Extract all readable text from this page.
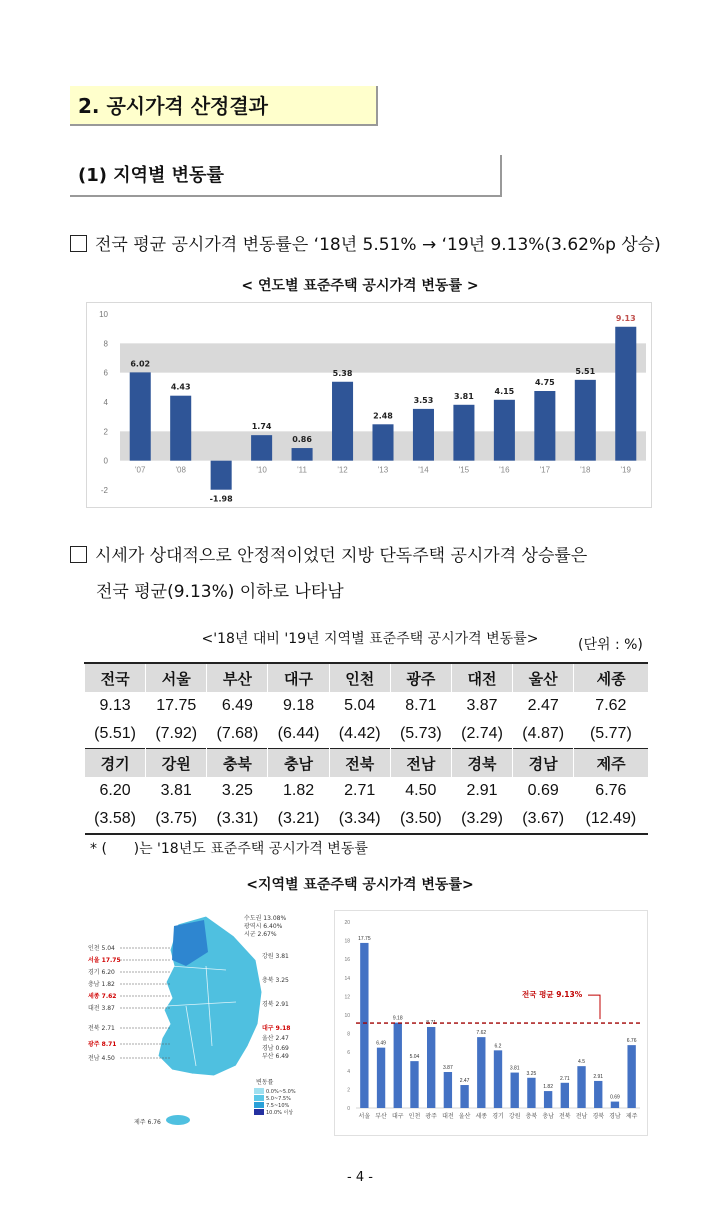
2. 공시가격 산정결과
(1) 지역별 변동률
전국 평균 공시가격 변동률은 ‘18년 5.51% → ‘19년 9.13%(3.62%p 상승)
< 연도별 표준주택 공시가격 변동률 >
10
8
6
4
2
0
-2
6.02
'07
4.43
'08
-1.98
1.74
'10
0.86
'11
5.38
'12
2.48
'13
3.53
'14
3.81
'15
4.15
'16
4.75
'17
5.51
'18
9.13
'19
시세가 상대적으로 안정적이었던 지방 단독주택 공시가격 상승률은
전국 평균(9.13%) 이하로 나타남
<'18년 대비 '19년 지역별 표준주택 공시가격 변동률>	(단위 : %)
전국	서울	부산	대구	인천	광주	대전	울산	세종
9.13	17.75	6.49	9.18	5.04	8.71	3.87	2.47	7.62
(5.51)	(7.92)	(7.68)	(6.44)	(4.42)	(5.73)	(2.74)	(4.87)	(5.77)
경기	강원	충북	충남	전북	전남	경북	경남	제주
6.20	3.81	3.25	1.82	2.71	4.50	2.91	0.69	6.76
(3.58)	(3.75)	(3.31)	(3.21)	(3.34)	(3.50)	(3.29)	(3.67)	(12.49)
* (      )는 '18년도 표준주택 공시가격 변동률
<지역별 표준주택 공시가격 변동률>
수도권 13.08%
광역시 6.40%
시군 2.67%
인천 5.04
서울 17.75
경기 6.20
충남 1.82
세종 7.62
대전 3.87
전북 2.71
광주 8.71
전남 4.50
강원 3.81
충북 3.25
경북 2.91
대구 9.18
울산 2.47
경남 0.69
부산 6.49
제주 6.76
변동률
0.0%~5.0%
5.0~7.5%
7.5~10%
10.0% 이상
20
18
16
14
12
10
8
6
4
2
0
17.75
서울
6.49
부산
9.18
대구
5.04
인천
8.71
광주
3.87
대전
2.47
울산
7.62
세종
6.2
경기
3.81
강원
3.25
충북
1.82
충남
2.71
전북
4.5
전남
2.91
경북
0.69
경남
6.76
제주
전국 평균 9.13%
- 4 -
